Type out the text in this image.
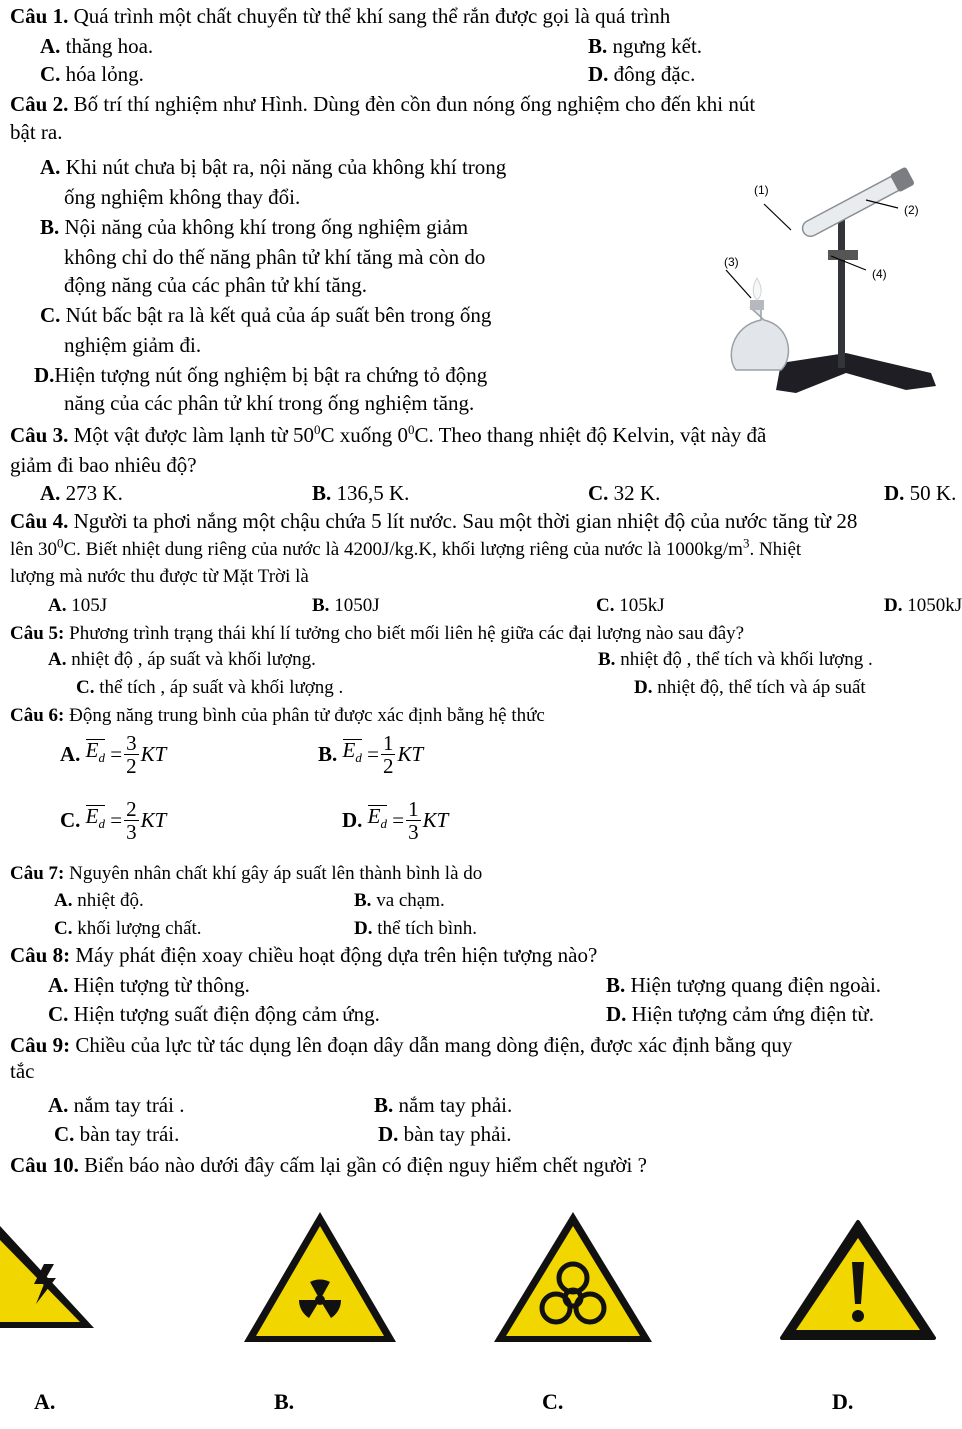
Câu 1. Quá trình một chất chuyển từ thể khí sang thể rắn được gọi là quá trình
A. thăng hoa.	B. ngưng kết.
C. hóa lỏng.	D. đông đặc.
Câu 2. Bố trí thí nghiệm như Hình. Dùng đèn cồn đun nóng ống nghiệm cho đến khi nút
bật ra.
A. Khi nút chưa bị bật ra, nội năng của không khí trong
ống nghiệm không thay đổi.
B. Nội năng của không khí trong ống nghiệm giảm
không chỉ do thế năng phân tử khí tăng mà còn do
động năng của các phân tử khí tăng.
C. Nút bấc bật ra là kết quả của áp suất bên trong ống
nghiệm giảm đi.
D.Hiện tượng nút ống nghiệm bị bật ra chứng tỏ động
năng của các phân tử khí trong ống nghiệm tăng.
(1)
(2)
(3)
(4)
Câu 3. Một vật được làm lạnh từ $50^0C$ xuống $0^0C$. Theo thang nhiệt độ Kelvin, vật này đã
giảm đi bao nhiêu độ?
A. 273 K.	B. 136,5 K.	C. 32 K.	D. 50 K.
Câu 4. Người ta phơi nắng một chậu chứa 5 lít nước. Sau một thời gian nhiệt độ của nước tăng từ 28
lên $30^0C$. Biết nhiệt dung riêng của nước là 4200J/kg.K, khối lượng riêng của nước là $1000kg/m^3$. Nhiệt
lượng mà nước thu được từ Mặt Trời là
A. 105J	B. 1050J	C. 105kJ	D. 1050kJ
Câu 5: Phương trình trạng thái khí lí tưởng cho biết mối liên hệ giữa các đại lượng nào sau đây?
A. nhiệt độ , áp suất và khối lượng.	B. nhiệt độ , thể tích và khối lượng .
C. thể tích , áp suất và khối lượng .	D. nhiệt độ, thể tích và áp suất
Câu 6: Động năng trung bình của phân tử được xác định bằng hệ thức
A.
$E_d$
= $\frac{3}{2}$ KT	B.
$E_d$
= $\frac{1}{2}$ KT
C.
$E_d$
= $\frac{2}{3}$ KT	D.
$E_d$
= $\frac{1}{3}$ KT
Câu 7: Nguyên nhân chất khí gây áp suất lên thành bình là do
A. nhiệt độ.	B. va chạm.
C. khối lượng chất.	D. thể tích bình.
Câu 8: Máy phát điện xoay chiều hoạt động dựa trên hiện tượng nào?
A. Hiện tượng từ thông.	B. Hiện tượng quang điện ngoài.
C. Hiện tượng suất điện động cảm ứng.	D. Hiện tượng cảm ứng điện từ.
Câu 9: Chiều của lực từ tác dụng lên đoạn dây dẫn mang dòng điện, được xác định bằng quy
tắc
A. nắm tay trái .	B. nắm tay phải.
C. bàn tay trái.	D. bàn tay phải.
Câu 10. Biển báo nào dưới đây cấm lại gần có điện nguy hiểm chết người ?
A.	B.	C.	D.
